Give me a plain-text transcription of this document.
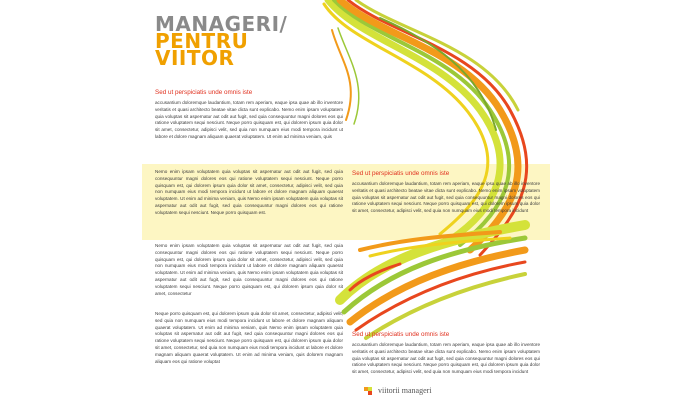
MANAGERI/
PENTRU
VIITOR
Sed ut perspiciatis unde omnis iste
accusantium doloremque laudantium, totam rem aperiam, eaque ipsa quae ab illo inventore veritatis et quasi architecto beatae vitae dicta sunt explicabo. Nemo enim ipsam voluptatem quia voluptas sit aspernatur aut odit aut fugit, sed quia consequuntur magni dolores eos qui ratione voluptatem sequi nesciunt. Neque porro quisquam est, qui dolorem ipsum quia dolor sit amet, consectetur, adipisci velit, sed quia non numquam eius modi tempora incidunt ut labore et dolore magnam aliquam quaerat voluptatem. Ut enim ad minima veniam, quis
Nemo enim ipsam voluptatem quia voluptas sit aspernatur aut odit aut fugit, sed quia consequuntur magni dolores eos qui ratione voluptatem sequi nesciunt. Neque porro quisquam est, qui dolorem ipsum quia dolor sit amet, consectetur, adipisci velit, sed quia non numquam eius modi tempora incidunt ut labore et dolore magnam aliquam quaerat voluptatem. Ut enim ad minima veniam, quis Nemo enim ipsam voluptatem quia voluptas sit aspernatur aut odit aut fugit, sed quia consequuntur magni dolores eos qui ratione voluptatem sequi nesciunt. Neque porro quisquam est.
Nemo enim ipsam voluptatem quia voluptas sit aspernatur aut odit aut fugit, sed quia consequuntur magni dolores eos qui ratione voluptatem sequi nesciunt. Neque porro quisquam est, qui dolorem ipsum quia dolor sit amet, consectetur, adipisci velit, sed quia non numquam eius modi tempora incidunt ut labore et dolore magnam aliquam quaerat voluptatem. Ut enim ad minima veniam, quis Nemo enim ipsam voluptatem quia voluptas sit aspernatur aut odit aut fugit, sed quia consequuntur magni dolores eos qui ratione voluptatem sequi nesciunt. Neque porro quisquam est, qui dolorem ipsum quia dolor sit amet, consectetur
Neque porro quisquam est, qui dolorem ipsum quia dolor sit amet, consectetur, adipisci velit, sed quia non numquam eius modi tempora incidunt ut labore et dolore magnam aliquam quaerat voluptatem. Ut enim ad minima veniam, quis Nemo enim ipsam voluptatem quia voluptas sit aspernatur aut odit aut fugit, sed quia consequuntur magni dolores eos qui ratione voluptatem sequi nesciunt. Neque porro quisquam est, qui dolorem ipsum quia dolor sit amet, consectetur, sed quia non numquam eius modi tempora incidunt ut labore et dolore magnam aliquam quaerat voluptatem. Ut enim ad minima veniam, quis dolorem magnam aliquam eos qui ratione voluptat
Sed ut perspiciatis unde omnis iste
accusantium doloremque laudantium, totam rem aperiam, eaque ipsa quae ab illo inventore veritatis et quasi architecto beatae vitae dicta sunt explicabo. Nemo enim ipsam voluptatem quia voluptas sit aspernatur aut odit aut fugit, sed quia consequuntur magni dolores eos qui ratione voluptatem sequi nesciunt. Neque porro quisquam est, qui dolorem ipsum quia dolor sit amet, consectetur, adipisci velit, sed quia non numquam eius modi tempora incidunt
Sed ut perspiciatis unde omnis iste
accusantium doloremque laudantium, totam rem aperiam, eaque ipsa quae ab illo inventore veritatis et quasi architecto beatae vitae dicta sunt explicabo. Nemo enim ipsam voluptatem quia voluptas sit aspernatur aut odit aut fugit, sed quia consequuntur magni dolores eos qui ratione voluptatem sequi nesciunt. Neque porro quisquam est, qui dolorem ipsum quia dolor sit amet, consectetur, adipisci velit, sed quia non numquam eius modi tempora incidunt
viitorii manageri
